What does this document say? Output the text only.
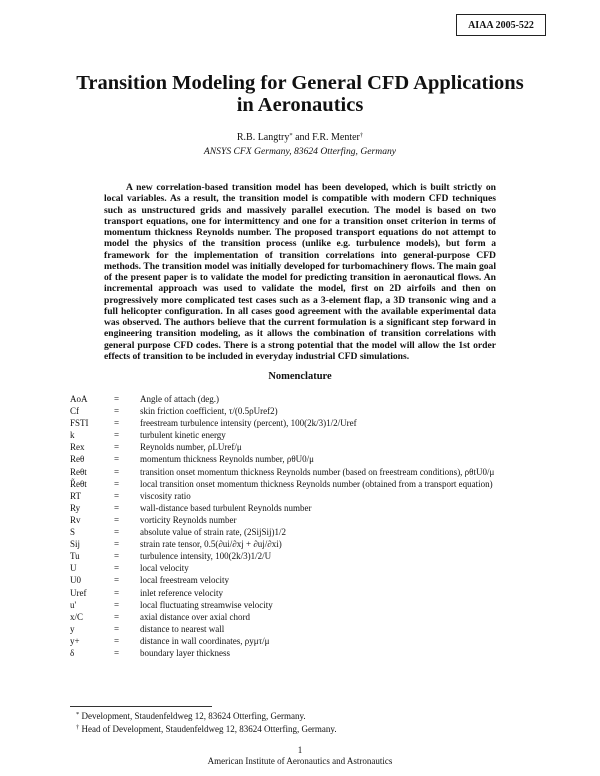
AIAA 2005-522
Transition Modeling for General CFD Applications in Aeronautics
R.B. Langtry* and F.R. Menter†
ANSYS CFX Germany, 83624 Otterfing, Germany

A new correlation-based transition model has been developed, which is built strictly on local variables. As a result, the transition model is compatible with modern CFD techniques such as unstructured grids and massively parallel execution. The model is based on two transport equations, one for intermittency and one for a transition onset criterion in terms of momentum thickness Reynolds number. The proposed transport equations do not attempt to model the physics of the transition process (unlike e.g. turbulence models), but form a framework for the implementation of transition correlations into general-purpose CFD methods. The transition model was initially developed for turbomachinery flows. The main goal of the present paper is to validate the model for predicting transition in aeronautical flows. An incremental approach was used to validate the model, first on 2D airfoils and then on progressively more complicated test cases such as a 3-element flap, a 3D transonic wing and a full helicopter configuration. In all cases good agreement with the available experimental data was observed. The authors believe that the current formulation is a significant step forward in engineering transition modeling, as it allows the combination of transition correlations with general purpose CFD codes. There is a strong potential that the model will allow the 1st order effects of transition to be included in everyday industrial CFD simulations.

Nomenclature
AoA	=	Angle of attach (deg.)
Cf	=	skin friction coefficient, τ/(0.5ρUref2)
FSTI	=	freestream turbulence intensity (percent), 100(2k/3)1/2/Uref
k	=	turbulent kinetic energy
Rex	=	Reynolds number, ρLUref/μ
Reθ	=	momentum thickness Reynolds number, ρθU0/μ
Reθt	=	transition onset momentum thickness Reynolds number (based on freestream conditions), ρθtU0/μ
R̃eθt	=	local transition onset momentum thickness Reynolds number (obtained from a transport equation)
RT	=	viscosity ratio
Ry	=	wall-distance based turbulent Reynolds number
Rv	=	vorticity Reynolds number
S	=	absolute value of strain rate, (2SijSij)1/2
Sij	=	strain rate tensor, 0.5(∂ui/∂xj + ∂uj/∂xi)
Tu	=	turbulence intensity, 100(2k/3)1/2/U
U	=	local velocity
U0	=	local freestream velocity
Uref	=	inlet reference velocity
u'	=	local fluctuating streamwise velocity
x/C	=	axial distance over axial chord
y	=	distance to nearest wall
y+	=	distance in wall coordinates, ρyμτ/μ
δ	=	boundary layer thickness
* Development, Staudenfeldweg 12, 83624 Otterfing, Germany.
† Head of Development, Staudenfeldweg 12, 83624 Otterfing, Germany.
1
American Institute of Aeronautics and Astronautics
